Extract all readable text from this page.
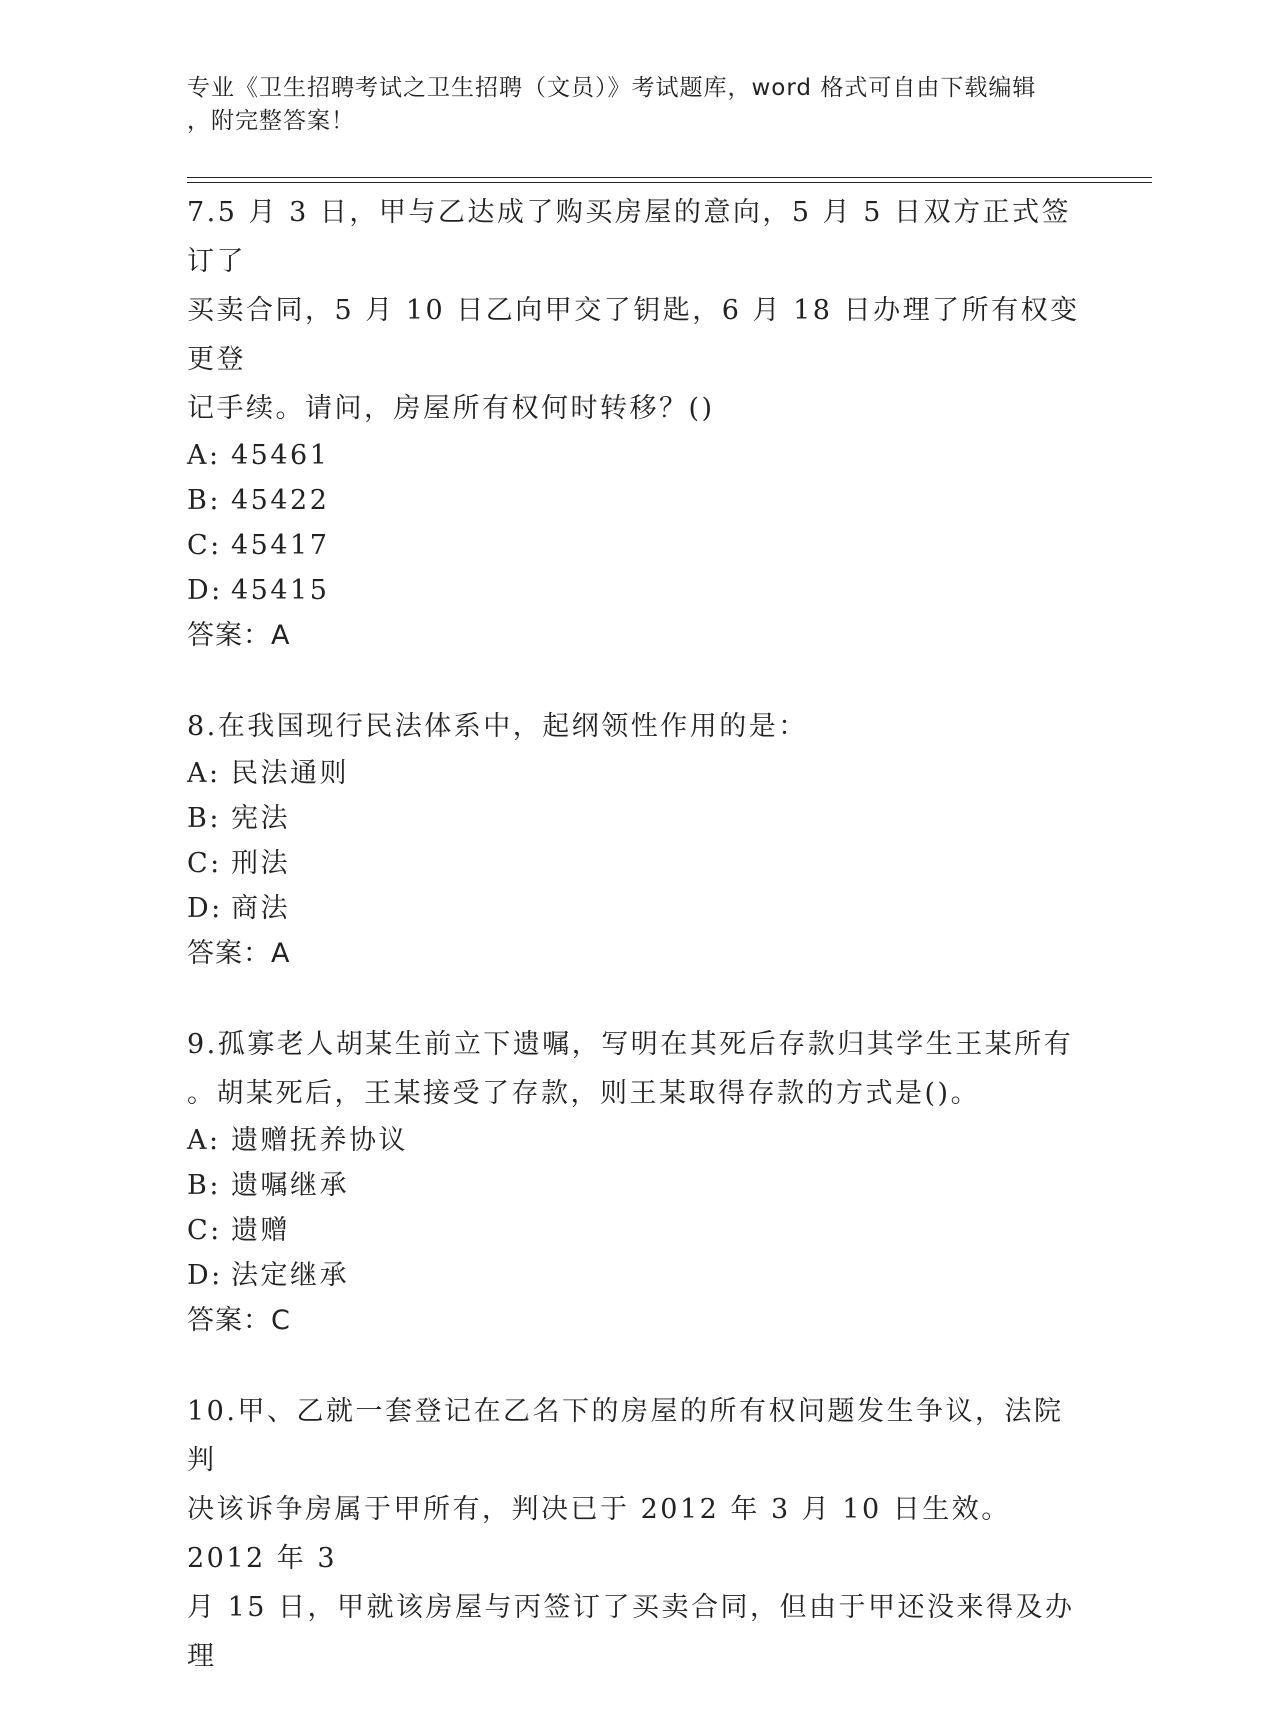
专业《卫生招聘考试之卫生招聘（文员）》考试题库，word 格式可自由下载编辑

，附完整答案！

7.5 月 3 日，甲与乙达成了购买房屋的意向，5 月 5 日双方正式签订了

买卖合同，5 月 10 日乙向甲交了钥匙，6 月 18 日办理了所有权变更登

记手续。请问，房屋所有权何时转移？()

A: 45461

B: 45422

C: 45417

D: 45415

答案：A

8.在我国现行民法体系中，起纲领性作用的是：

A: 民法通则

B: 宪法

C: 刑法

D: 商法

答案：A

9.孤寡老人胡某生前立下遗嘱，写明在其死后存款归其学生王某所有

。胡某死后，王某接受了存款，则王某取得存款的方式是()。

A: 遗赠抚养协议

B: 遗嘱继承

C: 遗赠

D: 法定继承

答案：C

10.甲、乙就一套登记在乙名下的房屋的所有权问题发生争议，法院判

决该诉争房属于甲所有，判决已于 2012 年 3 月 10 日生效。2012 年 3

月 15 日，甲就该房屋与丙签订了买卖合同，但由于甲还没来得及办理
